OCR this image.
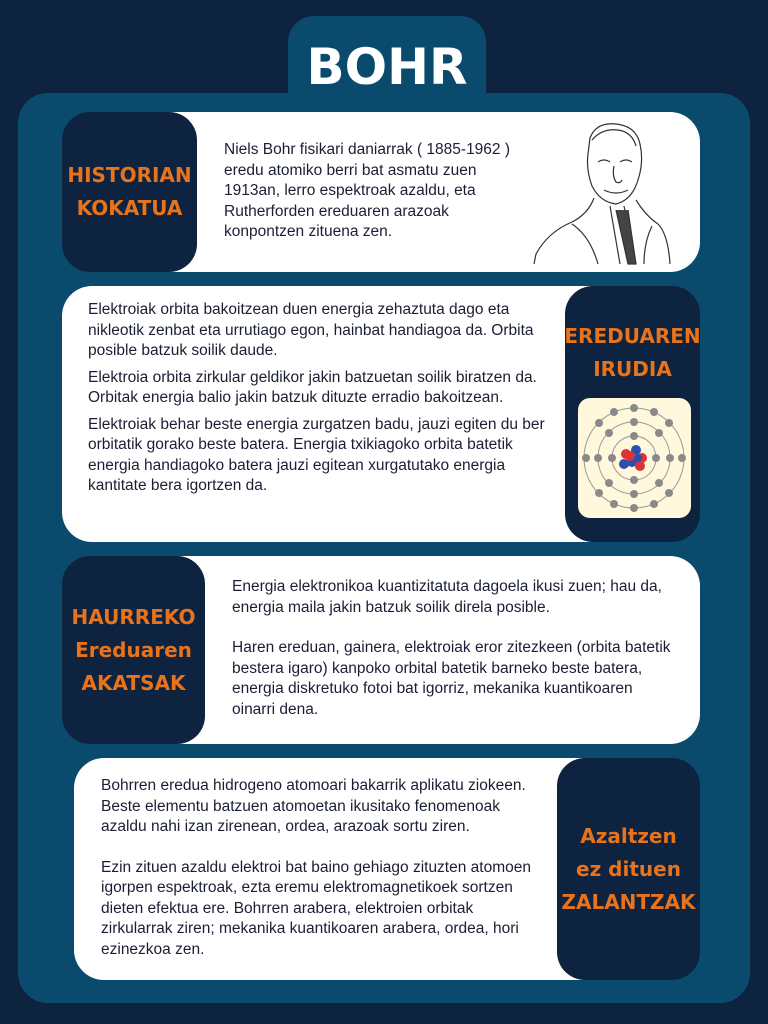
BOHR
HISTORIAN
KOKATUA

Niels Bohr fisikari daniarrak ( 1885-1962 ) eredu atomiko berri bat asmatu zuen 1913an, lerro espektroak azaldu, eta Rutherforden ereduaren arazoak konpontzen zituena zen.

EREDUAREN
IRUDIA

Elektroiak orbita bakoitzean duen energia zehaztuta dago eta nikleotik zenbat eta urrutiago egon, hainbat handiagoa da. Orbita posible batzuk soilik daude.

Elektroia orbita zirkular geldikor jakin batzuetan soilik biratzen da. Orbitak energia balio jakin batzuk dituzte erradio bakoitzean.

Elektroiak behar beste energia zurgatzen badu, jauzi egiten du ber orbitatik gorako beste batera. Energia txikiagoko orbita batetik energia handiagoko batera jauzi egitean xurgatutako energia kantitate bera igortzen da.

HAURREKO
Ereduaren
AKATSAK

Energia elektronikoa kuantizitatuta dagoela ikusi zuen; hau da, energia maila jakin batzuk soilik direla posible.

Haren ereduan, gainera, elektroiak eror zitezkeen (orbita batetik bestera igaro) kanpoko orbital batetik barneko beste batera, energia diskretuko fotoi bat igorriz, mekanika kuantikoaren oinarri dena.

Azaltzen
ez dituen
ZALANTZAK

Bohrren eredua hidrogeno atomoari bakarrik aplikatu ziokeen. Beste elementu batzuen atomoetan ikusitako fenomenoak azaldu nahi izan zirenean, ordea, arazoak sortu ziren.

Ezin zituen azaldu elektroi bat baino gehiago zituzten atomoen igorpen espektroak, ezta eremu elektromagnetikoek sortzen dieten efektua ere. Bohrren arabera, elektroien orbitak zirkularrak ziren; mekanika kuantikoaren arabera, ordea, hori ezinezkoa zen.
